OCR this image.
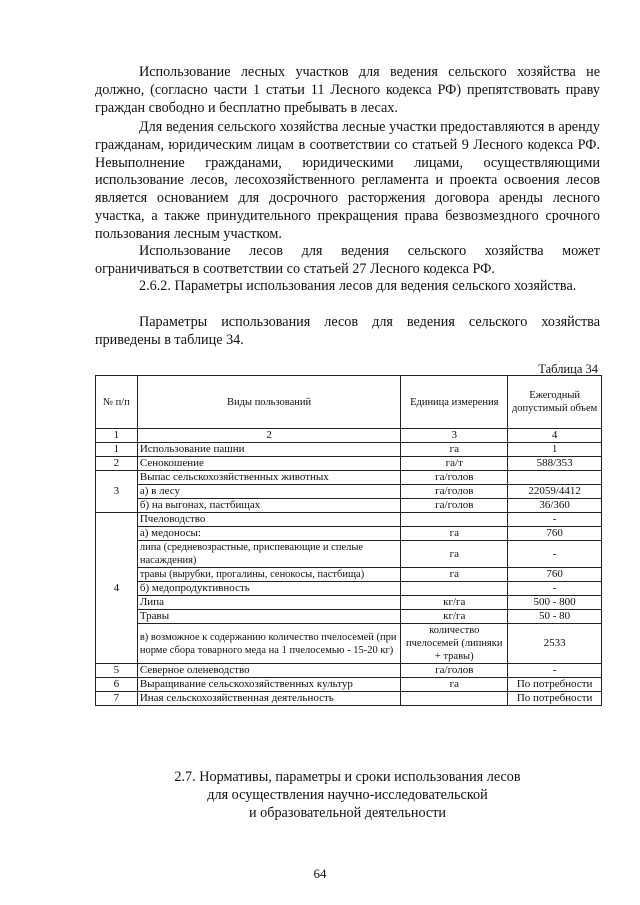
Использование лесных участков для ведения сельского хозяйства не должно, (согласно части 1 статьи 11 Лесного кодекса РФ) препятствовать праву граждан свободно и бесплатно пребывать в лесах.

Для ведения сельского хозяйства лесные участки предоставляются в аренду гражданам, юридическим лицам в соответствии со статьей 9 Лесного кодекса РФ. Невыполнение гражданами, юридическими лицами, осуществляющими использование лесов, лесохозяйственного регламента и проекта освоения лесов является основанием для досрочного расторжения договора аренды лесного участка, а также принудительного прекращения права безвозмездного срочного пользования лесным участком.

Использование лесов для ведения сельского хозяйства может ограничиваться в соответствии со статьей 27 Лесного кодекса РФ.

2.6.2. Параметры использования лесов для ведения сельского хозяйства.

Параметры использования лесов для ведения сельского хозяйства приведены в таблице 34.

Таблица 34
№ п/п	Виды пользований	Единица измерения	Ежегодный допустимый объем
1	2	3	4
1	Использование пашни	га	1
2	Сенокошение	га/т	588/353
3	Выпас сельскохозяйственных животных	га/голов	
	а) в лесу	га/голов	22059/4412
	б) на выгонах, пастбищах	га/голов	36/360
4	Пчеловодство		-
	а) медоносы:	га	760
	липа (средневозрастные, приспевающие и спелые насаждения)	га	-
	травы (вырубки, прогалины, сенокосы, пастбища)	га	760
	б) медопродуктивность		-
	Липа	кг/га	500 - 800
	Травы	кг/га	50 - 80
	в) возможное к содержанию количество пчелосемей (при норме сбора товарного меда на 1 пчелосемью - 15-20 кг)	количество пчелосемей (липняки + травы)	2533
5	Северное оленеводство	га/голов	-
6	Выращивание сельскохозяйственных культур	га	По потребности
7	Иная сельскохозяйственная деятельность		По потребности
2.7. Нормативы, параметры и сроки использования лесов
для осуществления научно-исследовательской
и образовательной деятельности
64
